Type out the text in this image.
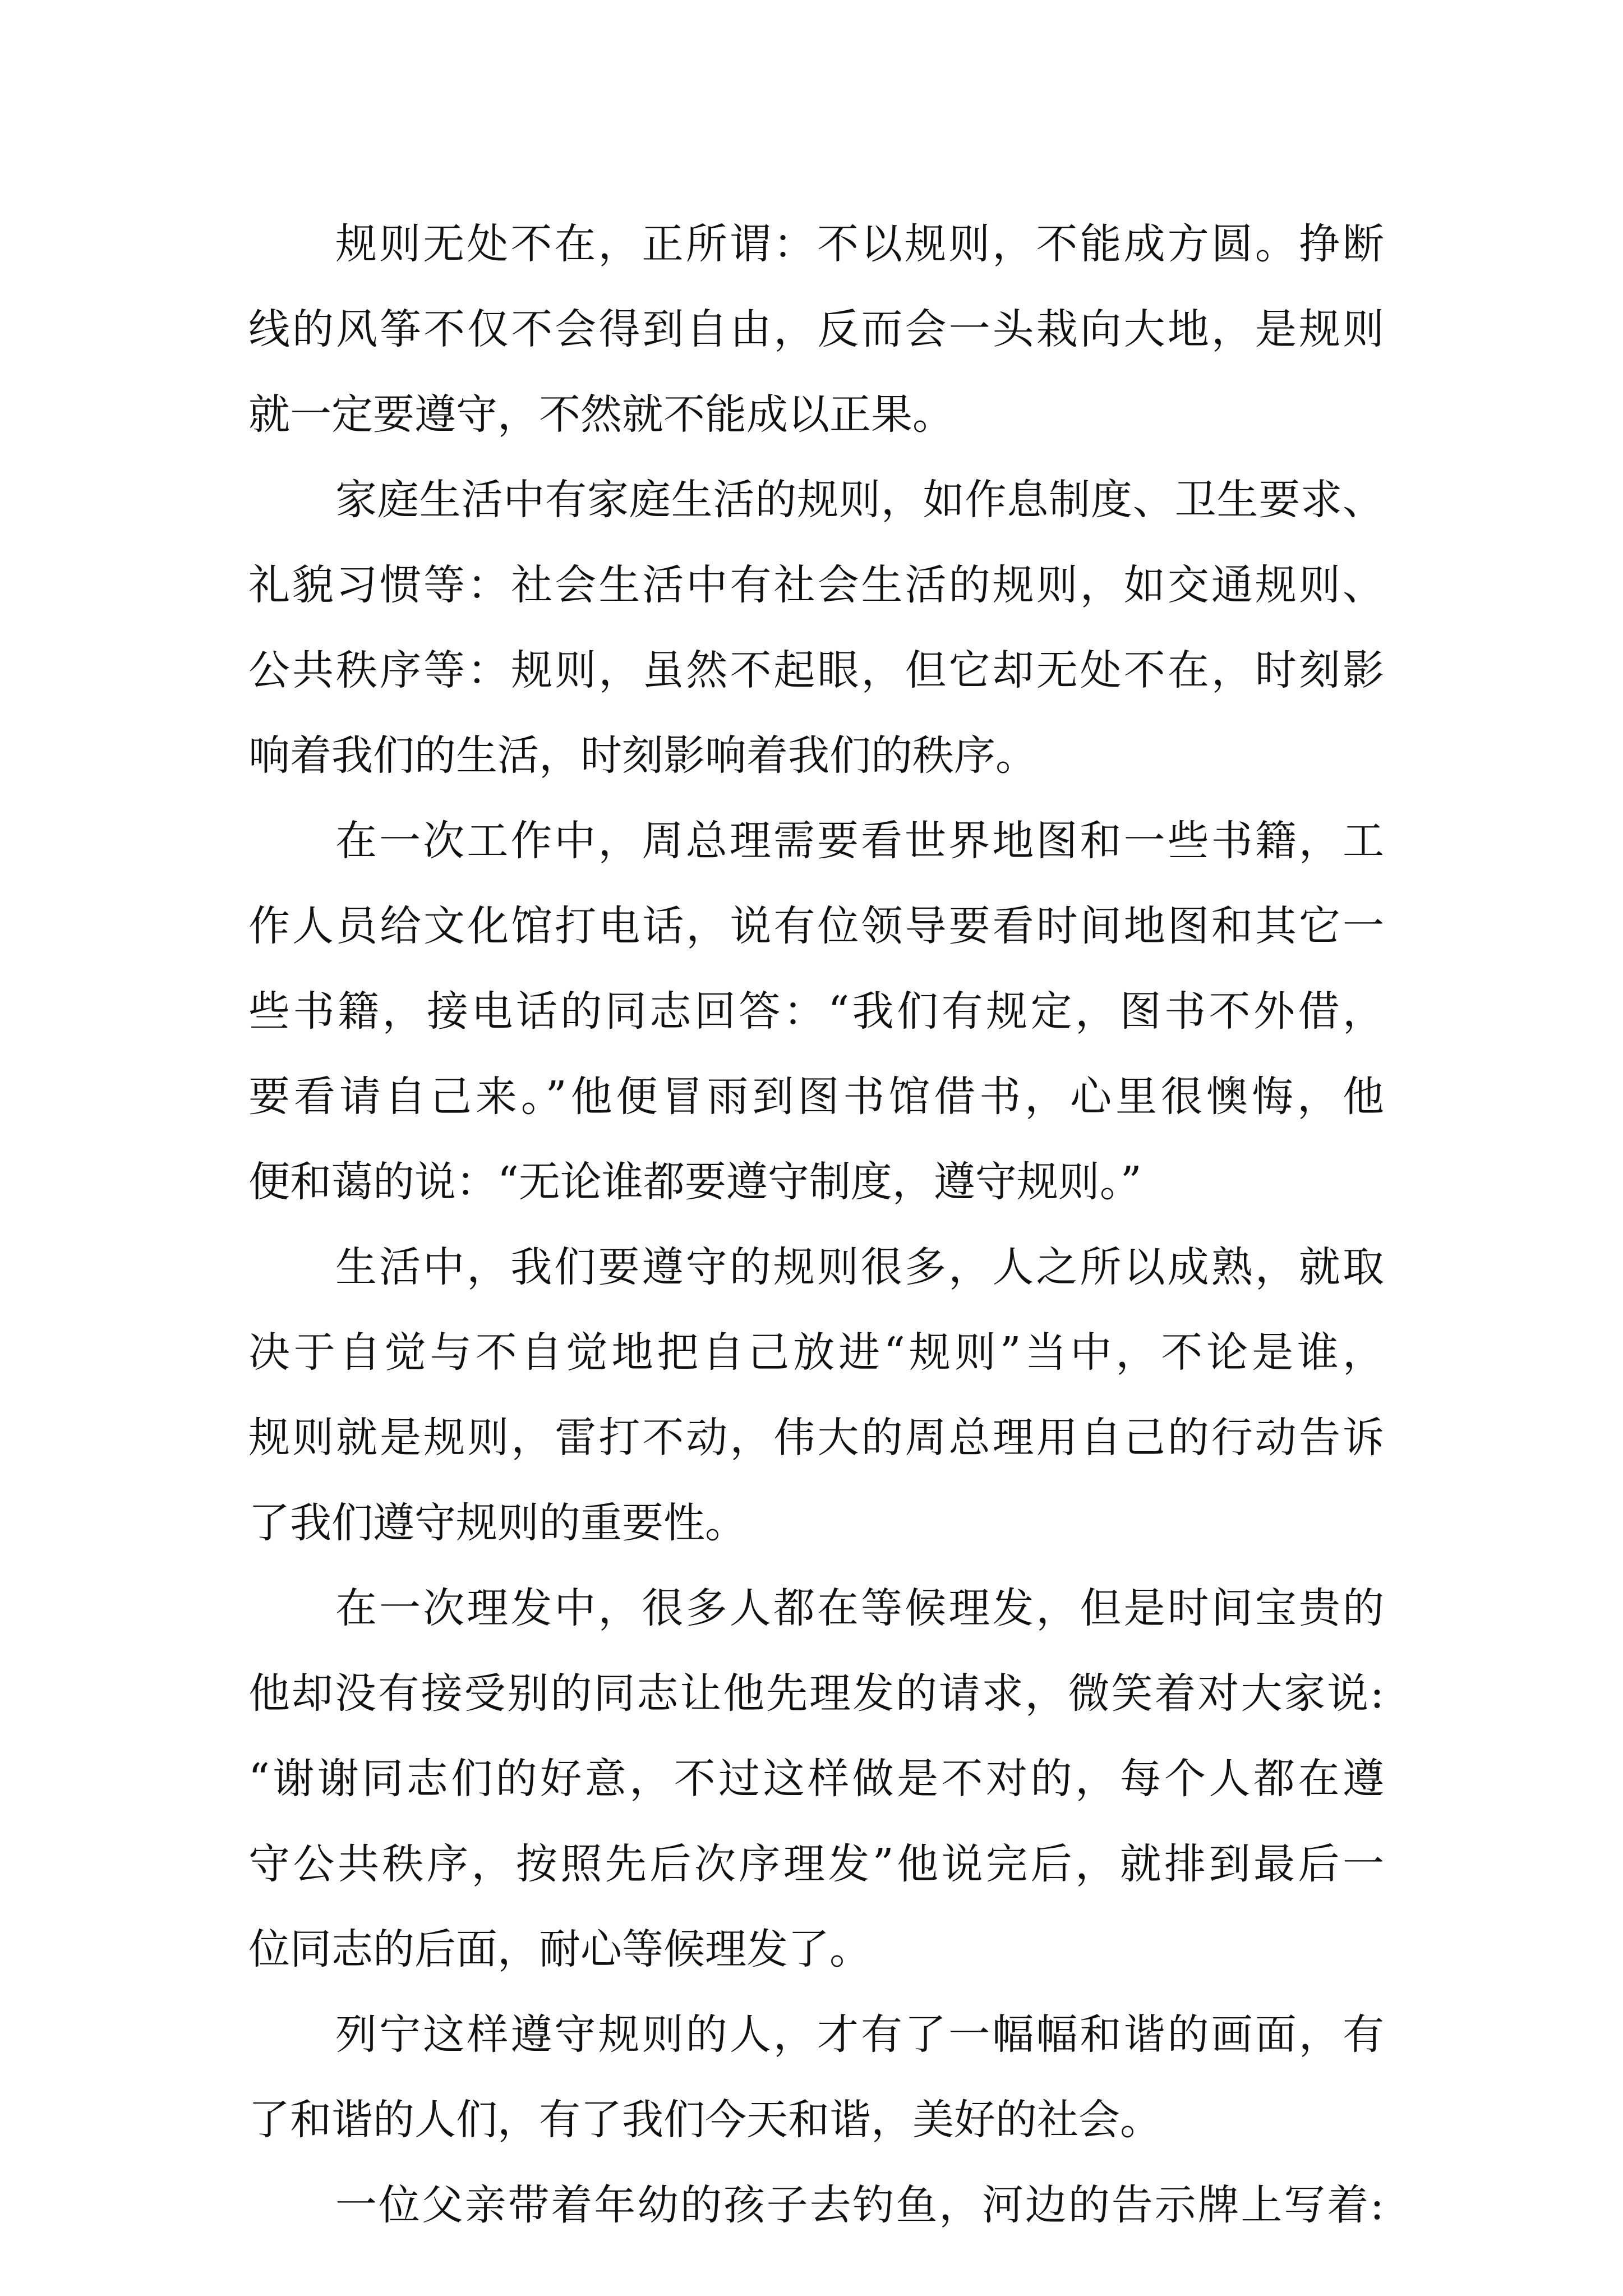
规则无处不在，正所谓：不以规则，不能成方圆。挣断
线的风筝不仅不会得到自由，反而会一头栽向大地，是规则
就一定要遵守，不然就不能成以正果。
家庭生活中有家庭生活的规则，如作息制度、卫生要求、
礼貌习惯等：社会生活中有社会生活的规则，如交通规则、
公共秩序等：规则，虽然不起眼，但它却无处不在，时刻影
响着我们的生活，时刻影响着我们的秩序。
在一次工作中，周总理需要看世界地图和一些书籍，工
作人员给文化馆打电话，说有位领导要看时间地图和其它一
些书籍，接电话的同志回答：“我们有规定，图书不外借，
要看请自己来。”他便冒雨到图书馆借书，心里很懊悔，他
便和蔼的说：“无论谁都要遵守制度，遵守规则。”
生活中，我们要遵守的规则很多，人之所以成熟，就取
决于自觉与不自觉地把自己放进“规则”当中，不论是谁，
规则就是规则，雷打不动，伟大的周总理用自己的行动告诉
了我们遵守规则的重要性。
在一次理发中，很多人都在等候理发，但是时间宝贵的
他却没有接受别的同志让他先理发的请求，微笑着对大家说:
“谢谢同志们的好意，不过这样做是不对的，每个人都在遵
守公共秩序，按照先后次序理发”他说完后，就排到最后一
位同志的后面，耐心等候理发了。
列宁这样遵守规则的人，才有了一幅幅和谐的画面，有
了和谐的人们，有了我们今天和谐，美好的社会。
一位父亲带着年幼的孩子去钓鱼，河边的告示牌上写着:
